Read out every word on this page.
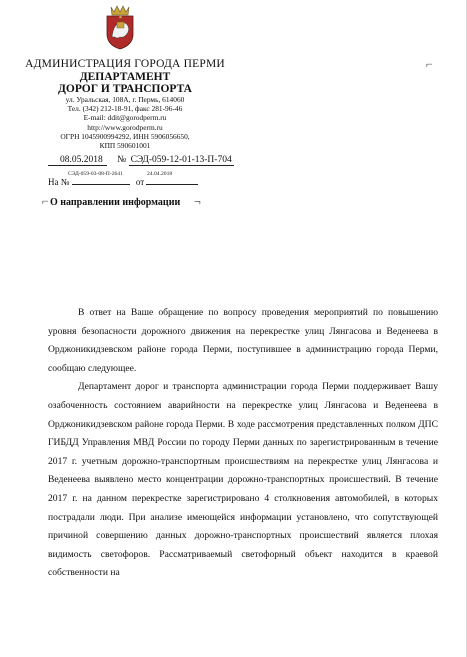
⌐
АДМИНИСТРАЦИЯ ГОРОДА ПЕРМИ
ДЕПАРТАМЕНТ
ДОРОГ И ТРАНСПОРТА
ул. Уральская, 108А, г. Пермь, 614060
Тел. (342) 212-18-91, факс 281-96-46
E-mail: ddit@gorodperm.ru
http://www.gorodperm.ru
ОГРН 1045900994292, ИНН 5906056650,
КПП 590601001
08.05.2018 № СЭД-059-12-01-13-П-704
СЭД-059-03-08-П-2641	24.04.2018
На №	от
⌐ О направлении информации ¬

В ответ на Ваше обращение по вопросу проведения мероприятий по повышению уровня безопасности дорожного движения на перекрестке улиц Лянгасова и Веденеева в Орджоникидзевском районе города Перми, поступившее в администрацию города Перми, сообщаю следующее.

Департамент дорог и транспорта администрации города Перми поддерживает Вашу озабоченность состоянием аварийности на перекрестке улиц Лянгасова и Веденеева в Орджоникидзевском районе города Перми. В ходе рассмотрения представленных полком ДПС ГИБДД Управления МВД России по городу Перми данных по зарегистрированным в течение 2017 г. учетным дорожно-транспортным происшествиям на перекрестке улиц Лянгасова и Веденеева выявлено место концентрации дорожно-транспортных происшествий. В течение 2017 г. на данном перекрестке зарегистрировано 4 столкновения автомобилей, в которых пострадали люди. При анализе имеющейся информации установлено, что сопутствующей причиной совершению данных дорожно-транспортных происшествий является плохая видимость светофоров. Рассматриваемый светофорный объект находится в краевой собственности на
